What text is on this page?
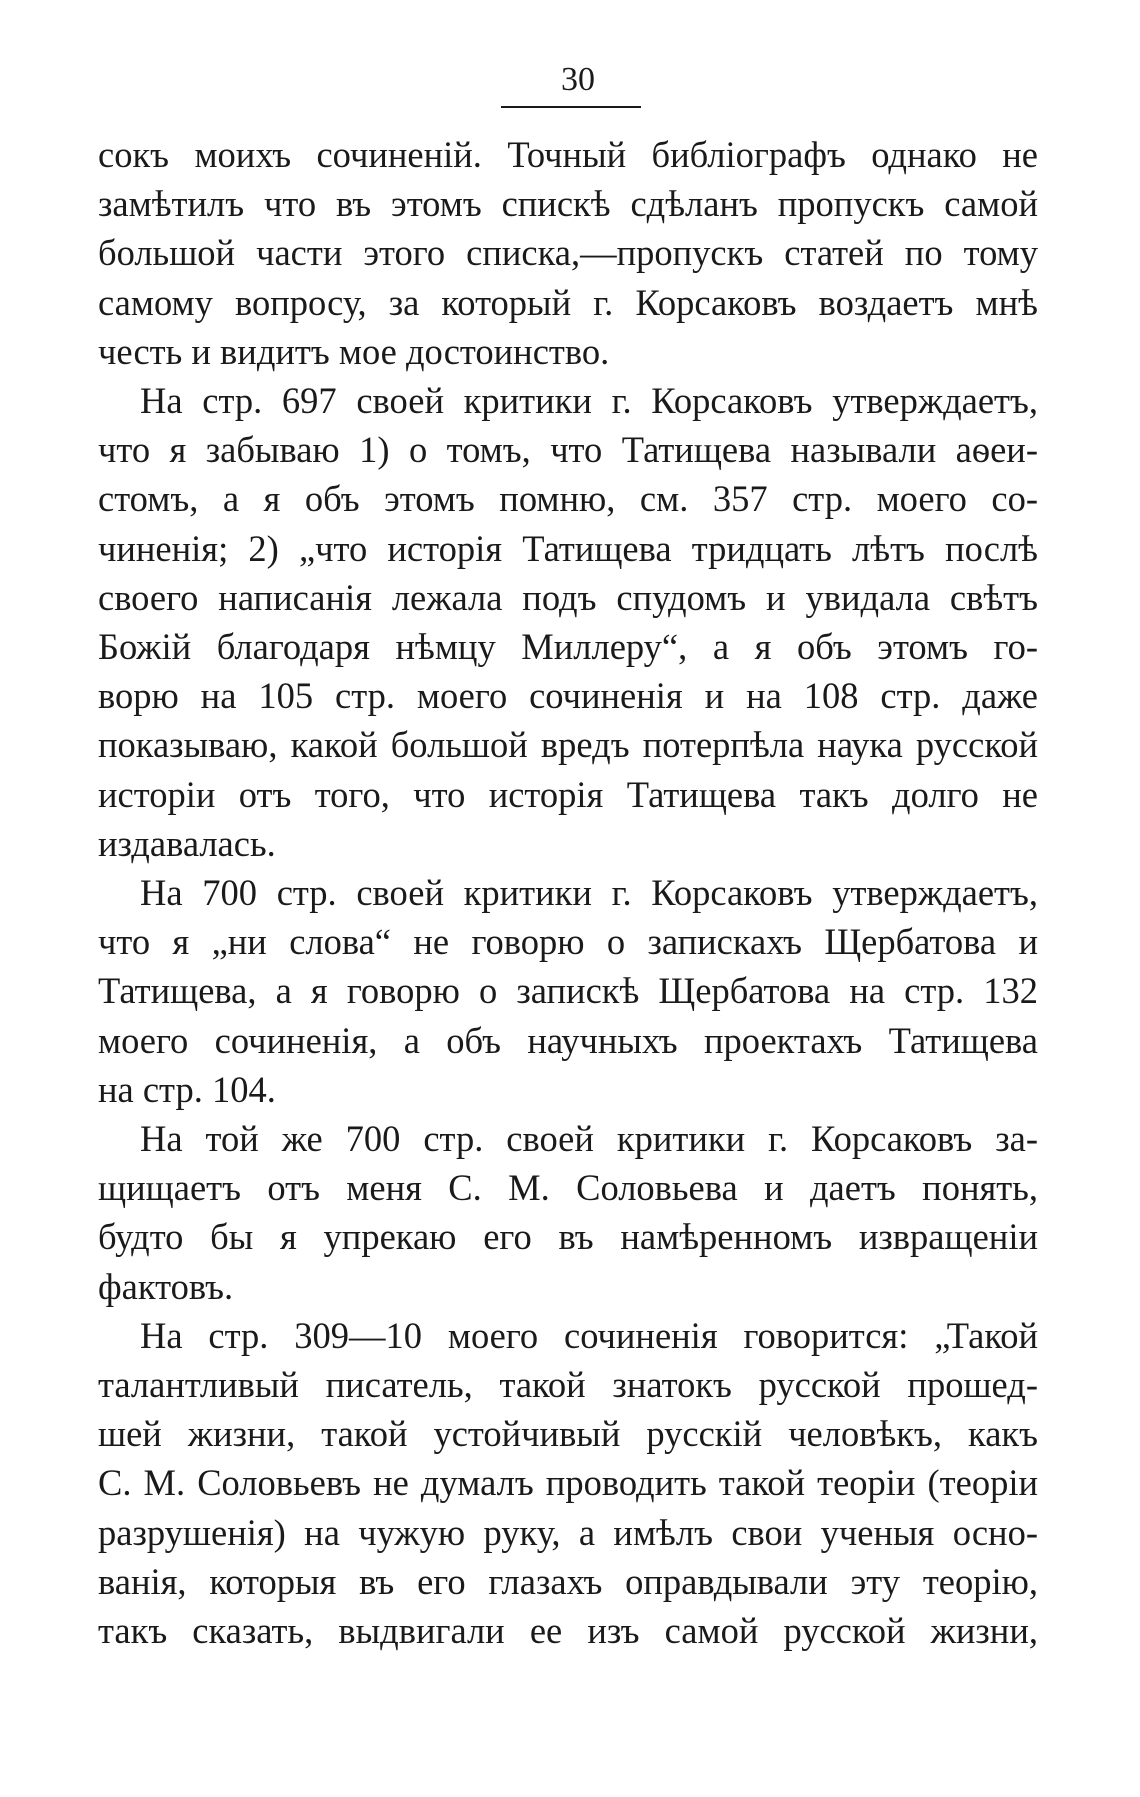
30
сокъ моихъ сочиненій. Точный библіографъ однако не
замѣтилъ что въ этомъ спискѣ сдѣланъ пропускъ самой
большой части этого списка,—пропускъ статей по тому
самому вопросу, за который г. Корсаковъ воздаетъ мнѣ
честь и видитъ мое достоинство.
На стр. 697 своей критики г. Корсаковъ утверждаетъ,
что я забываю 1) о томъ, что Татищева называли аѳеи-
стомъ, а я объ этомъ помню, см. 357 стр. моего со-
чиненія; 2) „что исторія Татищева тридцать лѣтъ послѣ
своего написанія лежала подъ спудомъ и увидала свѣтъ
Божій благодаря нѣмцу Миллеру“, а я объ этомъ го-
ворю на 105 стр. моего сочиненія и на 108 стр. даже
показываю, какой большой вредъ потерпѣла наука русской
исторіи отъ того, что исторія Татищева такъ долго не
издавалась.
На 700 стр. своей критики г. Корсаковъ утверждаетъ,
что я „ни слова“ не говорю о запискахъ Щербатова и
Татищева, а я говорю о запискѣ Щербатова на стр. 132
моего сочиненія, а объ научныхъ проектахъ Татищева
на стр. 104.
На той же 700 стр. своей критики г. Корсаковъ за-
щищаетъ отъ меня С. М. Соловьева и даетъ понять,
будто бы я упрекаю его въ намѣренномъ извращеніи
фактовъ.
На стр. 309—10 моего сочиненія говорится: „Такой
талантливый писатель, такой знатокъ русской прошед-
шей жизни, такой устойчивый русскій человѣкъ, какъ
С. М. Соловьевъ не думалъ проводить такой теоріи (теоріи
разрушенія) на чужую руку, а имѣлъ свои ученыя осно-
ванія, которыя въ его глазахъ оправдывали эту теорію,
такъ сказать, выдвигали ее изъ самой русской жизни,
